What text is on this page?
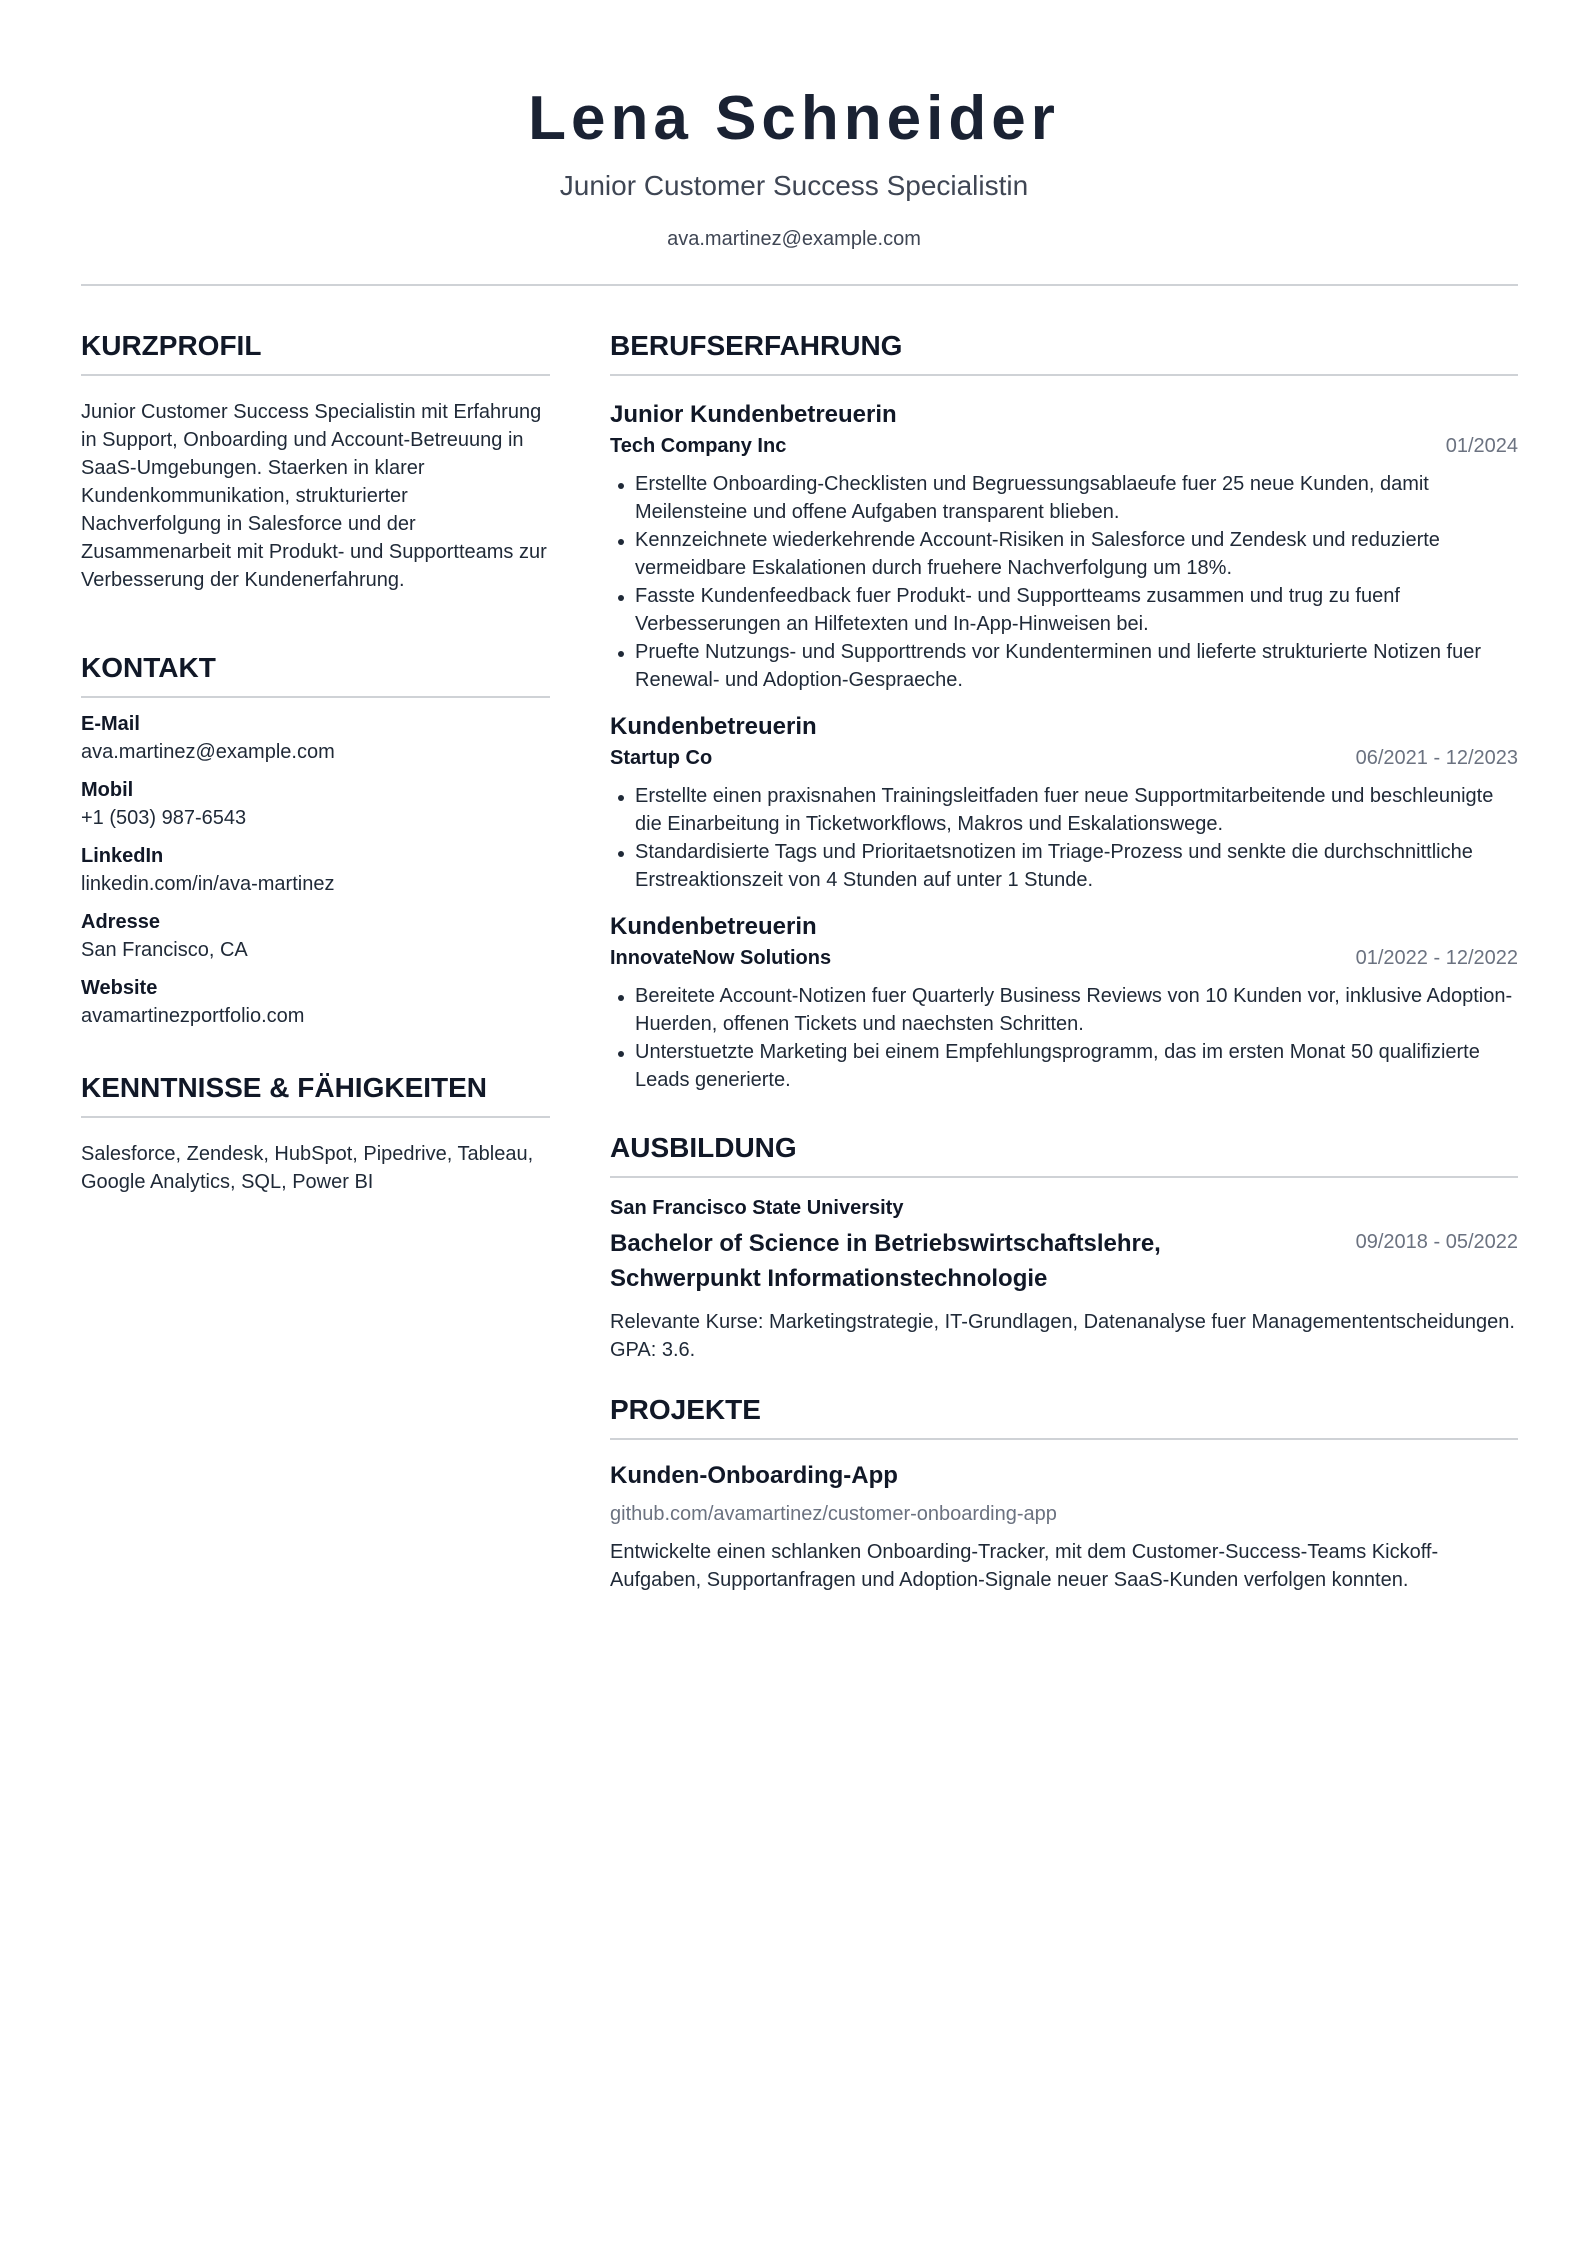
Lena Schneider
Junior Customer Success Specialistin
ava.martinez@example.com
KURZPROFIL

Junior Customer Success Specialistin mit Erfahrung in Support, Onboarding und Account-Betreuung in SaaS-Umgebungen. Staerken in klarer Kundenkommunikation, strukturierter Nachverfolgung in Salesforce und der Zusammenarbeit mit Produkt- und Supportteams zur Verbesserung der Kundenerfahrung.

KONTAKT
E-Mail
ava.martinez@example.com
Mobil
+1 (503) 987-6543
LinkedIn
linkedin.com/in/ava-martinez
Adresse
San Francisco, CA
Website
avamartinezportfolio.com
KENNTNISSE & FÄHIGKEITEN

Salesforce, Zendesk, HubSpot, Pipedrive, Tableau, Google Analytics, SQL, Power BI

BERUFSERFAHRUNG
Junior Kundenbetreuerin
Tech Company Inc	01/2024
Erstellte Onboarding-Checklisten und Begruessungsablaeufe fuer 25 neue Kunden, damit Meilensteine und offene Aufgaben transparent blieben.
Kennzeichnete wiederkehrende Account-Risiken in Salesforce und Zendesk und reduzierte vermeidbare Eskalationen durch fruehere Nachverfolgung um 18%.
Fasste Kundenfeedback fuer Produkt- und Supportteams zusammen und trug zu fuenf Verbesserungen an Hilfetexten und In-App-Hinweisen bei.
Pruefte Nutzungs- und Supporttrends vor Kundenterminen und lieferte strukturierte Notizen fuer Renewal- und Adoption-Gespraeche.
Kundenbetreuerin
Startup Co	06/2021 - 12/2023
Erstellte einen praxisnahen Trainingsleitfaden fuer neue Supportmitarbeitende und beschleunigte die Einarbeitung in Ticketworkflows, Makros und Eskalationswege.
Standardisierte Tags und Prioritaetsnotizen im Triage-Prozess und senkte die durchschnittliche Erstreaktionszeit von 4 Stunden auf unter 1 Stunde.
Kundenbetreuerin
InnovateNow Solutions	01/2022 - 12/2022
Bereitete Account-Notizen fuer Quarterly Business Reviews von 10 Kunden vor, inklusive Adoption-Huerden, offenen Tickets und naechsten Schritten.
Unterstuetzte Marketing bei einem Empfehlungsprogramm, das im ersten Monat 50 qualifizierte Leads generierte.
AUSBILDUNG
San Francisco State University
Bachelor of Science in Betriebswirtschaftslehre, Schwerpunkt Informationstechnologie
09/2018 - 05/2022

Relevante Kurse: Marketingstrategie, IT-Grundlagen, Datenanalyse fuer Managemententscheidungen. GPA: 3.6.

PROJEKTE
Kunden-Onboarding-App
github.com/avamartinez/customer-onboarding-app

Entwickelte einen schlanken Onboarding-Tracker, mit dem Customer-Success-Teams Kickoff-Aufgaben, Supportanfragen und Adoption-Signale neuer SaaS-Kunden verfolgen konnten.
